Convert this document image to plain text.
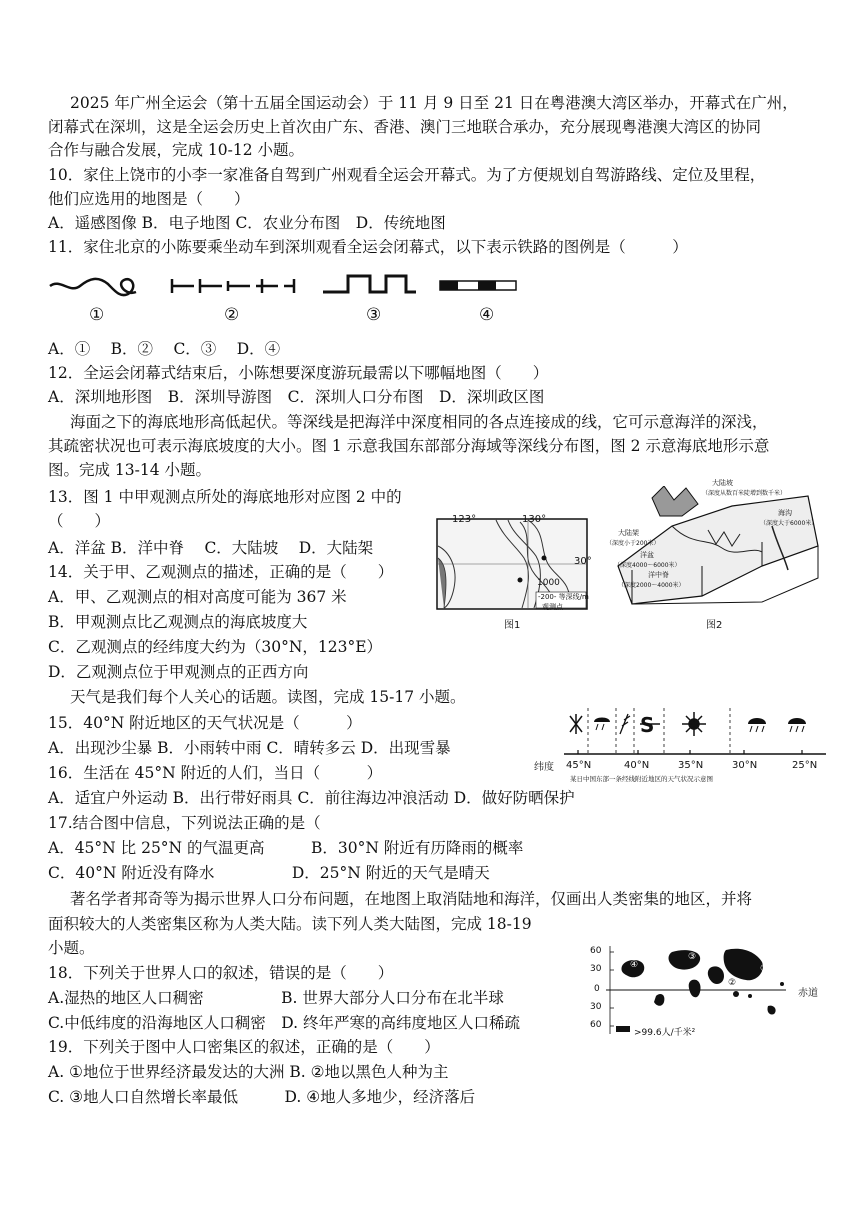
2025 年广州全运会（第十五届全国运动会）于 11 月 9 日至 21 日在粤港澳大湾区举办，开幕式在广州，
闭幕式在深圳，这是全运会历史上首次由广东、香港、澳门三地联合承办，充分展现粤港澳大湾区的协同
合作与融合发展，完成 10-12 小题。
10．家住上饶市的小李一家准备自驾到广州观看全运会开幕式。为了方便规划自驾游路线、定位及里程，
他们应选用的地图是（　　）
A．遥感图像 B．电子地图 C．农业分布图　D．传统地图
11．家住北京的小陈要乘坐动车到深圳观看全运会闭幕式，以下表示铁路的图例是（　　　）
①	②	③	④
A．①　 B．②　 C．③　 D．④
12．全运会闭幕式结束后，小陈想要深度游玩最需以下哪幅地图（　　）
A．深圳地形图　B．深圳导游图　C．深圳人口分布图　D．深圳政区图
海面之下的海底地形高低起伏。等深线是把海洋中深度相同的各点连接成的线，它可示意海洋的深浅，
其疏密状况也可表示海底坡度的大小。图 1 示意我国东部部分海域等深线分布图，图 2 示意海底地形示意
图。完成 13-14 小题。
13．图 1 中甲观测点所处的海底地形对应图 2 中的
（　　）
A．洋盆 B．洋中脊　 C．大陆坡　 D．大陆架
14．关于甲、乙观测点的描述，正确的是（　　）
A．甲、乙观测点的相对高度可能为 367 米
B．甲观测点比乙观测点的海底坡度大
C．乙观测点的经纬度大约为（30°N，123°E）
D．乙观测点位于甲观测点的正西方向
123°	130°
30°
1000
-200- 等深线/m
观测点
图1
大陆坡
（深度从数百米陡增到数千米）
海沟
（深度大于6000米）
大陆架
（深度小于200米）
洋盆
（深度4000～6000米）
洋中脊
（深度2000～4000米）
图2
天气是我们每个人关心的话题。读图，完成 15-17 小题。
15．40°N 附近地区的天气状况是（　　　）
A．出现沙尘暴 B．小雨转中雨 C．晴转多云 D．出现雪暴
16．生活在 45°N 附近的人们，当日（　　　）
A．适宜户外运动 B．出行带好雨具 C．前往海边冲浪活动 D．做好防晒保护
17.结合图中信息，下列说法正确的是（
A．45°N 比 25°N 的气温更高　　　B．30°N 附近有历降雨的概率
C．40°N 附近没有降水　　　　　D．25°N 附近的天气是晴天
S
纬度 45°N	40°N	35°N	30°N	25°N
某日中国东部一条经线附近地区的天气状况示意图
著名学者邦奇等为揭示世界人口分布问题，在地图上取消陆地和海洋，仅画出人类密集的地区，并将
面积较大的人类密集区称为人类大陆。读下列人类大陆图，完成 18-19
小题。
18．下列关于世界人口的叙述，错误的是（　　）
A.湿热的地区人口稠密　　　　　B. 世界大部分人口分布在北半球
C.中低纬度的沿海地区人口稠密　D. 终年严寒的高纬度地区人口稀疏
19．下列关于图中人口密集区的叙述，正确的是（　　）
A. ①地位于世界经济最发达的大洲 B. ②地以黑色人种为主
C. ③地人口自然增长率最低　　　D. ④地人多地少，经济落后
60
30
0
30
60
赤道
>99.6人/千米²
①
②
③
④
